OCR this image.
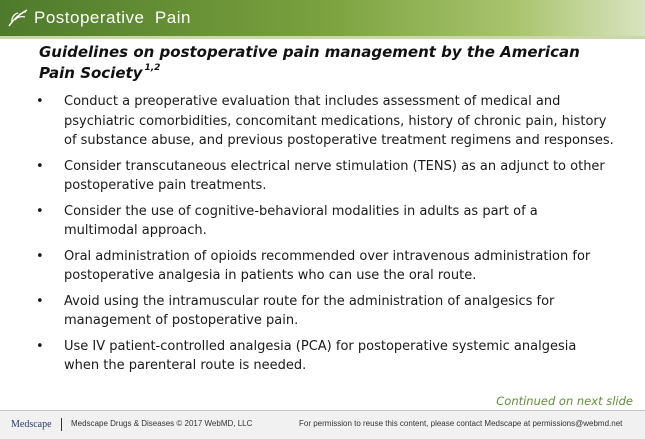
Postoperative  Pain
Guidelines on postoperative pain management by the American Pain Society $^{1,2}$
• Conduct a preoperative evaluation that includes assessment of medical and psychiatric comorbidities, concomitant medications, history of chronic pain, history of substance abuse, and previous postoperative treatment regimens and responses.
• Consider transcutaneous electrical nerve stimulation (TENS) as an adjunct to other postoperative pain treatments.
• Consider the use of cognitive-behavioral modalities in adults as part of a multimodal approach.
• Oral administration of opioids recommended over intravenous administration for postoperative analgesia in patients who can use the oral route.
• Avoid using the intramuscular route for the administration of analgesics for management of postoperative pain.
• Use IV patient-controlled analgesia (PCA) for postoperative systemic analgesia when the parenteral route is needed.
Continued on next slide
Medscape Medscape Drugs & Diseases © 2017 WebMD, LLC	For permission to reuse this content, please contact Medscape at permissions@webmd.net
